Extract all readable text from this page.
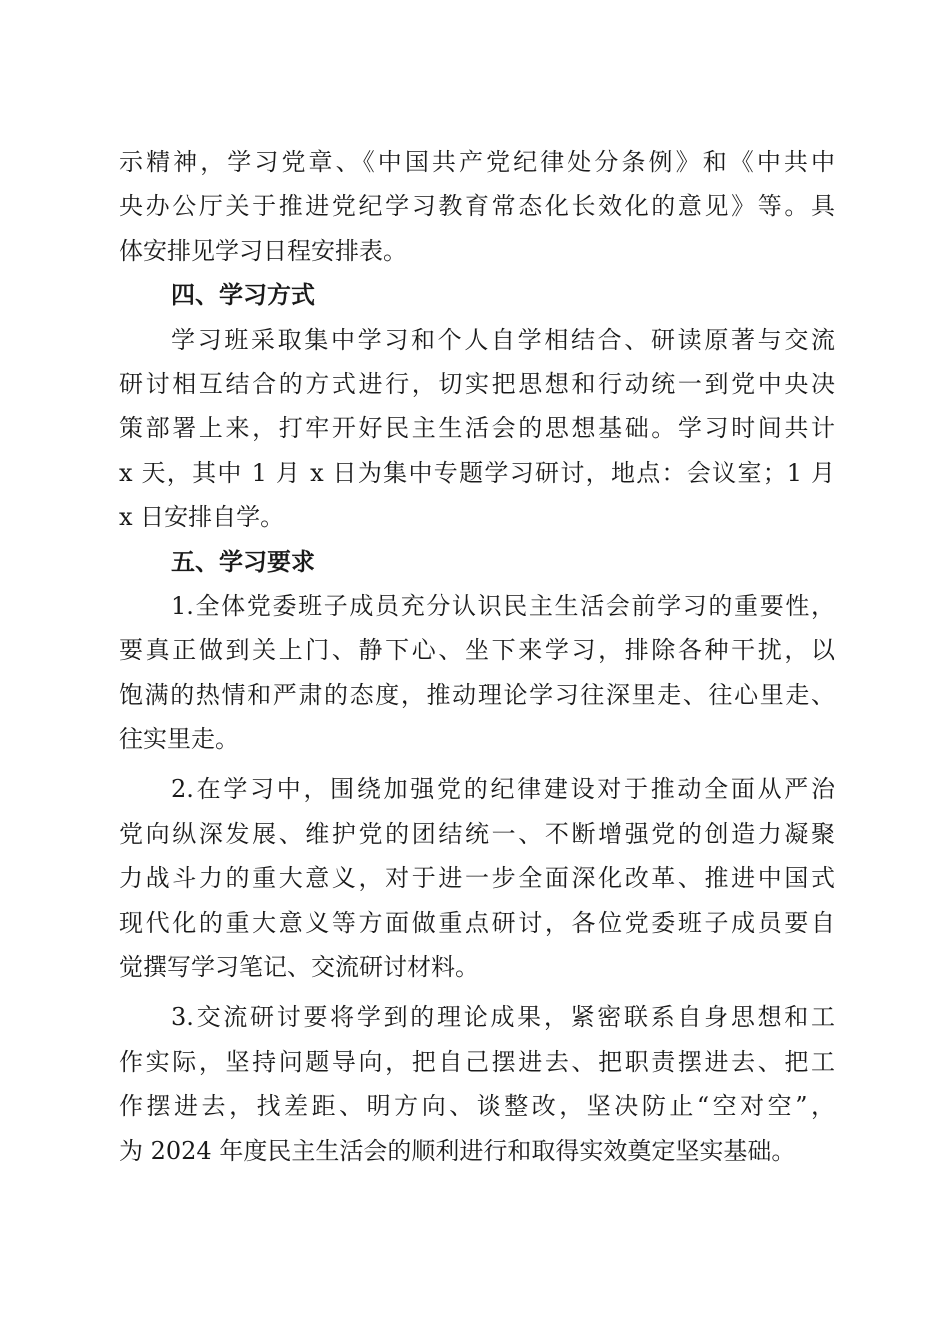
示精神，学习党章、《中国共产党纪律处分条例》和《中共中
央办公厅关于推进党纪学习教育常态化长效化的意见》等。具
体安排见学习日程安排表。
四、学习方式
学习班采取集中学习和个人自学相结合、研读原著与交流
研讨相互结合的方式进行，切实把思想和行动统一到党中央决
策部署上来，打牢开好民主生活会的思想基础。学习时间共计
x 天，其中 1 月 x 日为集中专题学习研讨，地点：会议室；1 月
x 日安排自学。
五、学习要求
1.全体党委班子成员充分认识民主生活会前学习的重要性，
要真正做到关上门、静下心、坐下来学习，排除各种干扰，以
饱满的热情和严肃的态度，推动理论学习往深里走、往心里走、
往实里走。
2.在学习中，围绕加强党的纪律建设对于推动全面从严治
党向纵深发展、维护党的团结统一、不断增强党的创造力凝聚
力战斗力的重大意义，对于进一步全面深化改革、推进中国式
现代化的重大意义等方面做重点研讨，各位党委班子成员要自
觉撰写学习笔记、交流研讨材料。
3.交流研讨要将学到的理论成果，紧密联系自身思想和工
作实际，坚持问题导向，把自己摆进去、把职责摆进去、把工
作摆进去，找差距、明方向、谈整改，坚决防止“空对空”，
为 2024 年度民主生活会的顺利进行和取得实效奠定坚实基础。
